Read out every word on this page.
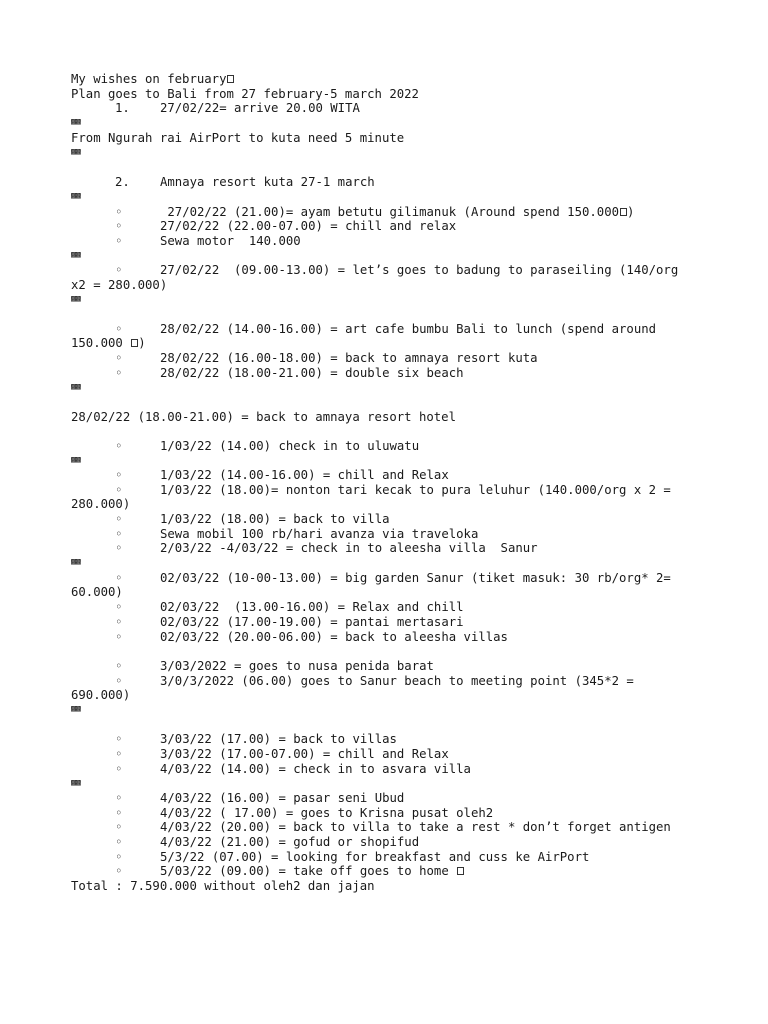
My wishes on february
Plan goes to Bali from 27 february-5 march 2022
1. 27/02/22= arrive 20.00 WITA
▩▩
From Ngurah rai AirPort to kuta need 5 minute
▩▩
2. Amnaya resort kuta 27-1 march
▩▩
◦	27/02/22 (21.00)= ayam betutu gilimanuk (Around spend 150.000 )
◦	27/02/22 (22.00-07.00) = chill and relax
◦	Sewa motor  140.000
▩▩
◦	27/02/22  (09.00-13.00) = let’s goes to badung to paraseiling (140/org
x2 = 280.000)
▩▩
◦	28/02/22 (14.00-16.00) = art cafe bumbu Bali to lunch (spend around
150.000 )
◦	28/02/22 (16.00-18.00) = back to amnaya resort kuta
◦	28/02/22 (18.00-21.00) = double six beach
▩▩
28/02/22 (18.00-21.00) = back to amnaya resort hotel
◦	1/03/22 (14.00) check in to uluwatu
▩▩
◦	1/03/22 (14.00-16.00) = chill and Relax
◦	1/03/22 (18.00)= nonton tari kecak to pura leluhur (140.000/org x 2 =
280.000)
◦	1/03/22 (18.00) = back to villa
◦	Sewa mobil 100 rb/hari avanza via traveloka
◦	2/03/22 -4/03/22 = check in to aleesha villa  Sanur
▩▩
◦	02/03/22 (10-00-13.00) = big garden Sanur (tiket masuk: 30 rb/org* 2=
60.000)
◦	02/03/22  (13.00-16.00) = Relax and chill
◦	02/03/22 (17.00-19.00) = pantai mertasari
◦	02/03/22 (20.00-06.00) = back to aleesha villas
◦	3/03/2022 = goes to nusa penida barat
◦	3/0/3/2022 (06.00) goes to Sanur beach to meeting point (345*2 =
690.000)
▩▩
◦	3/03/22 (17.00) = back to villas
◦	3/03/22 (17.00-07.00) = chill and Relax
◦	4/03/22 (14.00) = check in to asvara villa
▩▩
◦	4/03/22 (16.00) = pasar seni Ubud
◦	4/03/22 ( 17.00) = goes to Krisna pusat oleh2
◦	4/03/22 (20.00) = back to villa to take a rest * don’t forget antigen
◦	4/03/22 (21.00) = gofud or shopifud
◦	5/3/22 (07.00) = looking for breakfast and cuss ke AirPort
◦	5/03/22 (09.00) = take off goes to home
Total : 7.590.000 without oleh2 dan jajan
